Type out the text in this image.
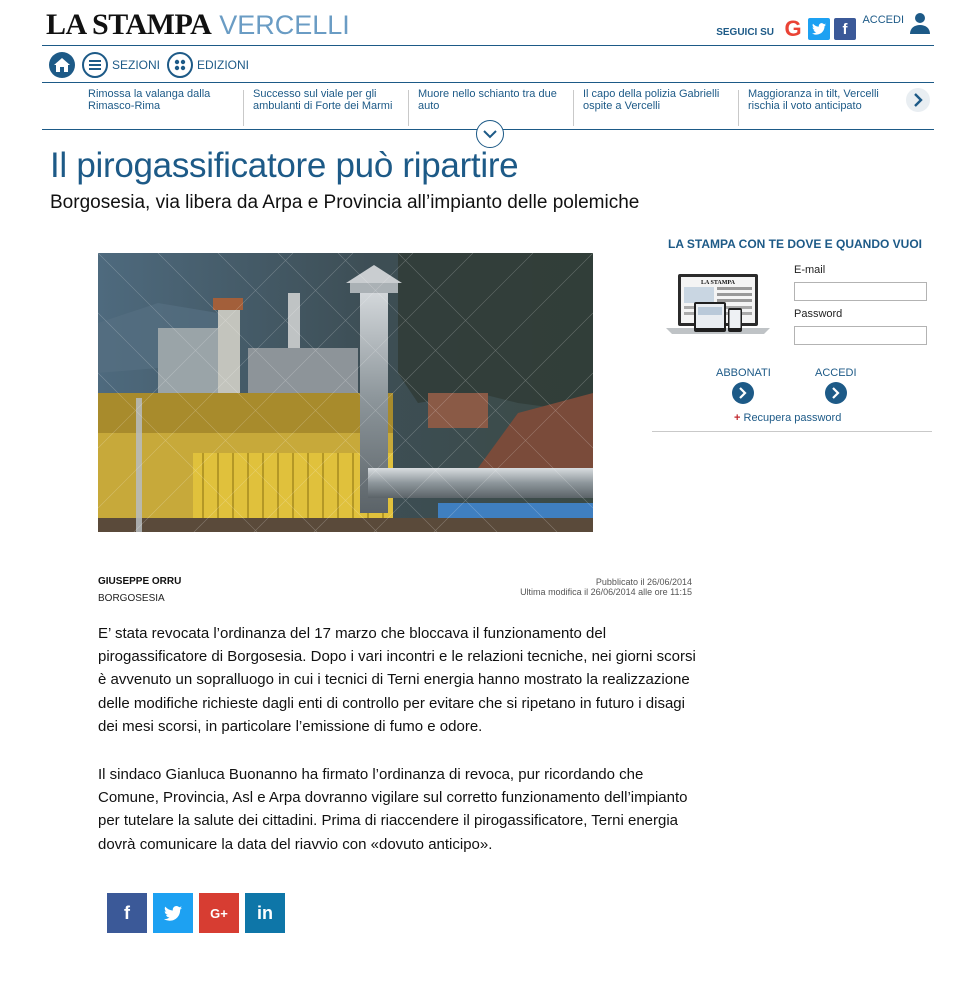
LA STAMPA VERCELLI	SEGUICI SU G	f
ACCEDI
SEZIONI	EDIZIONI
Rimossa la valanga dalla Rimasco-Rima
Successo sul viale per gli ambulanti di Forte dei Marmi
Muore nello schianto tra due auto
Il capo della polizia Gabrielli ospite a Vercelli
Maggioranza in tilt, Vercelli rischia il voto anticipato
Il pirogassificatore può ripartire
Borgosesia, via libera da Arpa e Provincia all’impianto delle polemiche
LA STAMPA CON TE DOVE E QUANDO VUOI
LA STAMPA
E-mail
Password
ABBONATI	ACCEDI
+ Recupera password
GIUSEPPE ORRU
BORGOSESIA
Pubblicato il 26/06/2014
Ultima modifica il 26/06/2014 alle ore 11:15

E’ stata revocata l’ordinanza del 17 marzo che bloccava il funzionamento del pirogassificatore di Borgosesia. Dopo i vari incontri e le relazioni tecniche, nei giorni scorsi è avvenuto un sopralluogo in cui i tecnici di Terni energia hanno mostrato la realizzazione delle modifiche richieste dagli enti di controllo per evitare che si ripetano in futuro i disagi dei mesi scorsi, in particolare l’emissione di fumo e odore.

Il sindaco Gianluca Buonanno ha firmato l’ordinanza di revoca, pur ricordando che Comune, Provincia, Asl e Arpa dovranno vigilare sul corretto funzionamento dell’impianto per tutelare la salute dei cittadini. Prima di riaccendere il pirogassificatore, Terni energia dovrà comunicare la data del riavvio con «dovuto anticipo».

f	G+ in
